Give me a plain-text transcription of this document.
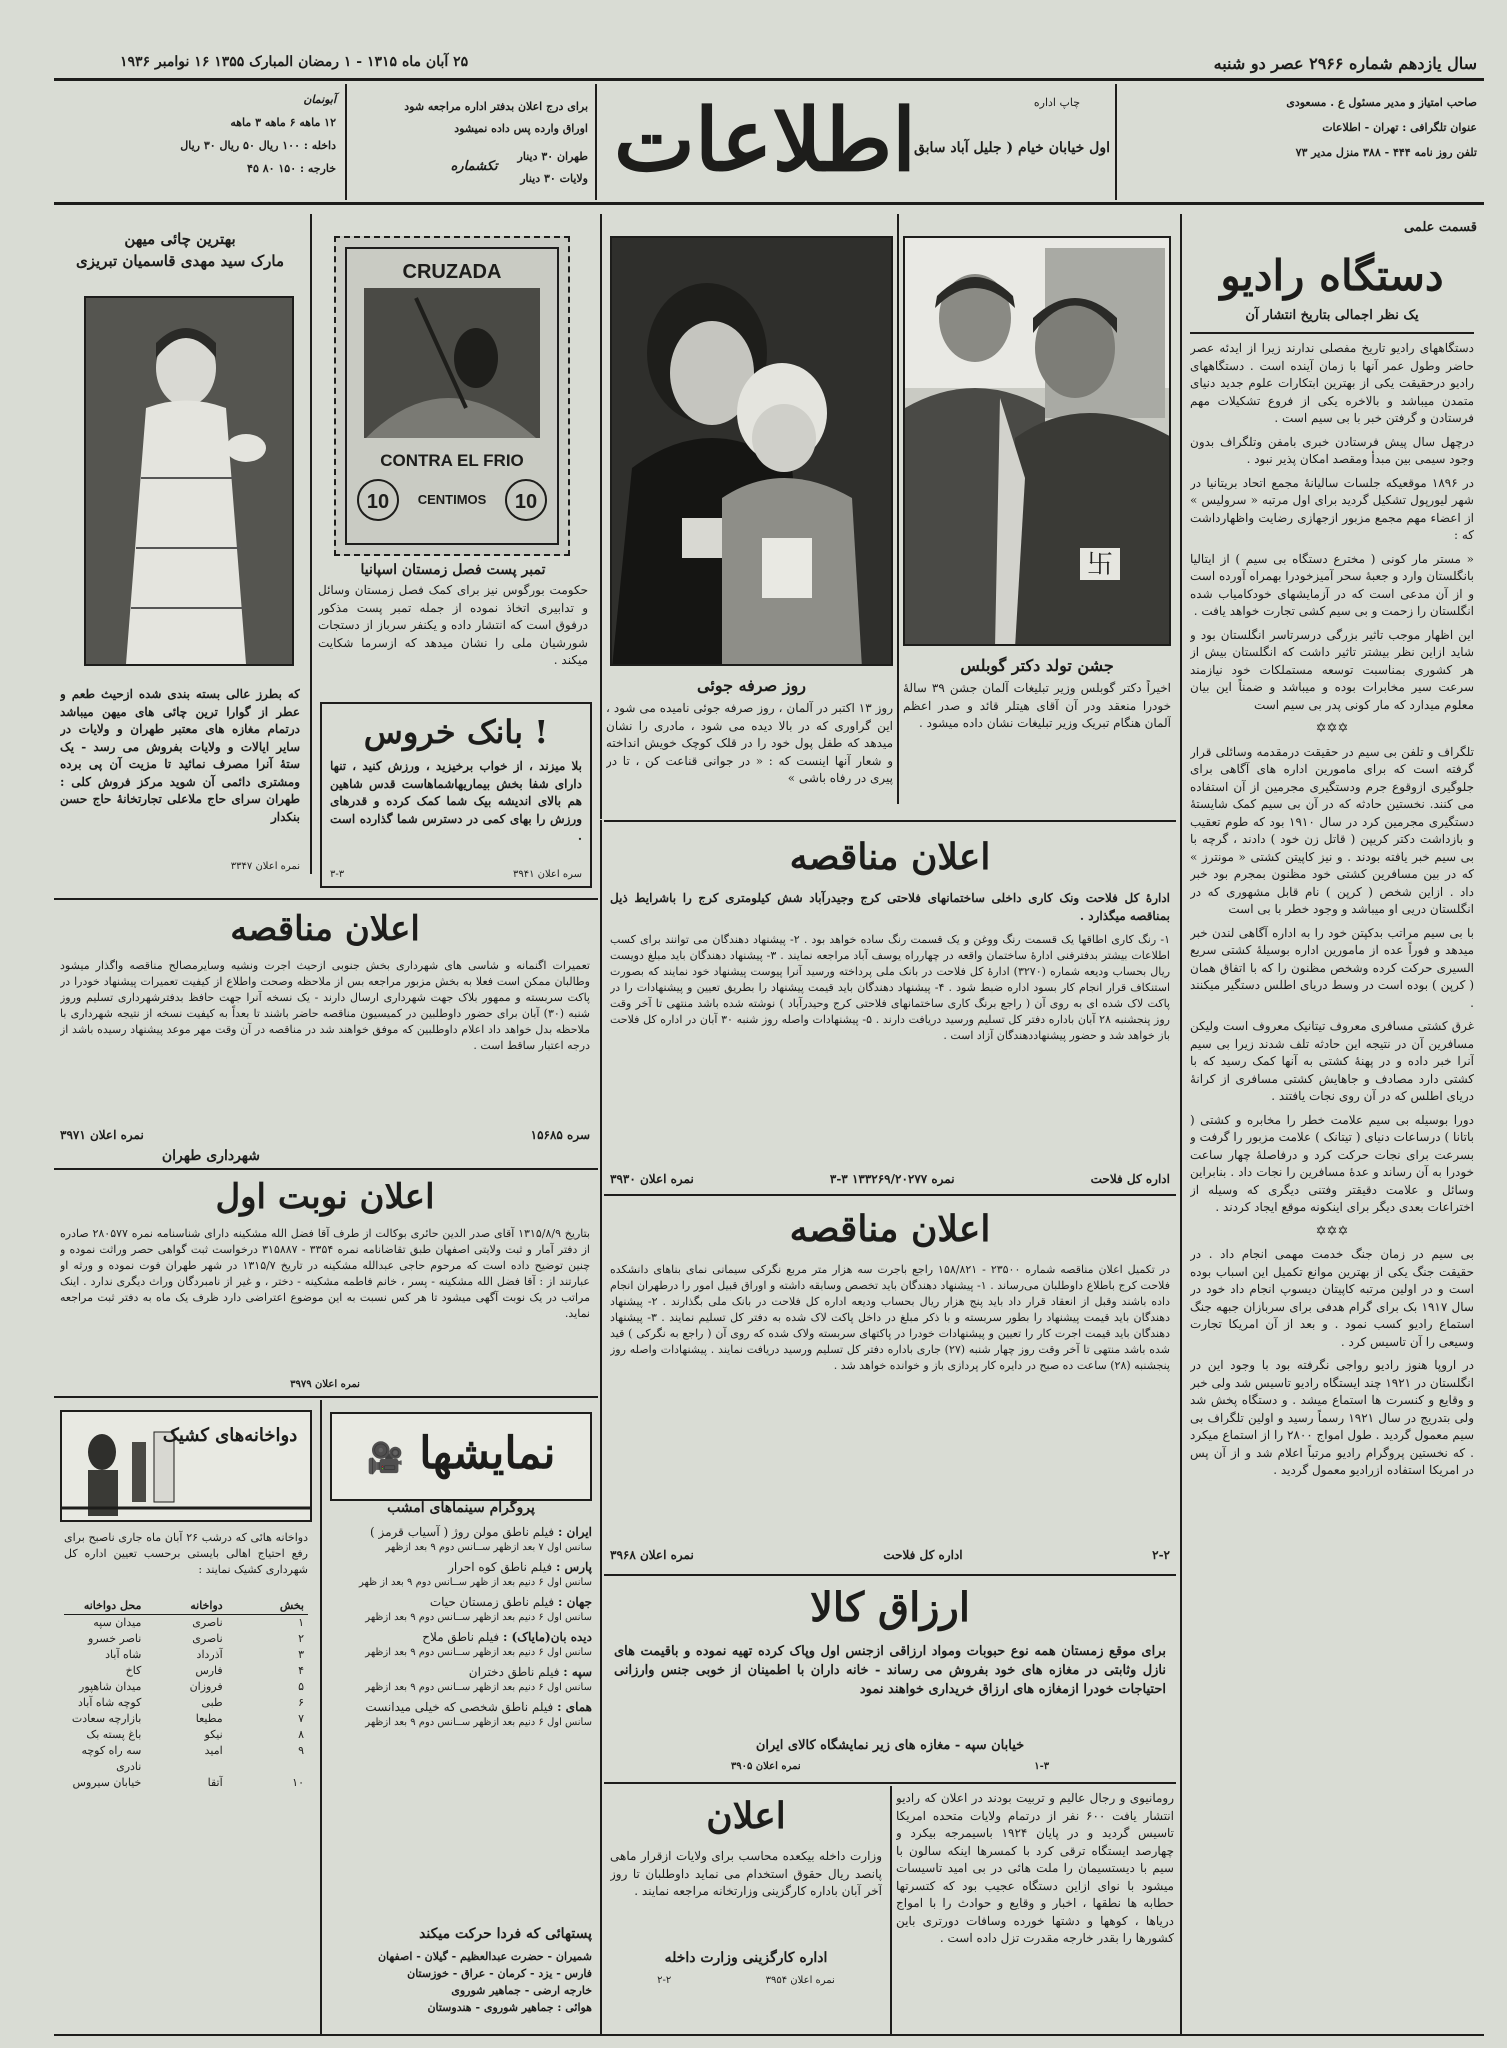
سال یازدهم شماره ۲۹۶۶ عصر دو شنبه
۲۵ آبان ماه ۱۳۱۵ - ۱ رمضان المبارک ۱۳۵۵ ۱۶ نوامبر ۱۹۳۶
صاحب امتیاز و مدیر مسئول ع . مسعودی
عنوان تلگرافی : تهران - اطلاعات
تلفن روز نامه ۴۴۴ - ۳۸۸ منزل مدیر ۷۳
چاپ اداره
اطلاعات
اول خیابان خیام ( جلیل آباد سابق
برای درج اعلان بدفتر اداره مراجعه شود
اوراق وارده پس داده نمیشود
طهران ۳۰ دینار
ولایات ۳۰ دینار
تکشماره
آبونمان
۱۲ ماهه ۶ ماهه ۳ ماهه
داخله : ۱۰۰ ریال ۵۰ ریال ۳۰ ریال
خارجه : ۱۵۰ ۸۰ ۴۵
قسمت علمی
دستگاه رادیو
یک نظر اجمالی بتاریخ انتشار آن

دستگاههای رادیو تاریخ مفصلی ندارند زیرا از ایدئه عصر حاضر وطول عمر آنها با زمان آینده است . دستگاههای رادیو درحقیقت یکی از بهترین ابتکارات علوم جدید دنیای متمدن میباشد و بالاخره یکی از فروع تشکیلات مهم فرستادن و گرفتن خبر با بی سیم است .

درچهل سال پیش فرستادن خبری بامفن وتلگراف بدون وجود سیمی بین مبدأ ومقصد امکان پذیر نبود .

در ۱۸۹۶ موقعیکه جلسات سالیانهٔ مجمع اتحاد بریتانیا در شهر لیورپول تشکیل گردید برای اول مرتبه « سرولیس » از اعضاء مهم مجمع مزبور ازجهازی رضایت واظهارداشت که :

« مستر مار کونی ( مخترع دستگاه بی سیم ) از ایتالیا بانگلستان وارد و جعبهٔ سحر آمیزخودرا بهمراه آورده است و از آن مدعی است که در آزمایشهای خودکامیاب شده انگلستان را زحمت و بی سیم کشی تجارت خواهد یافت .

این اظهار موجب تاثیر بزرگی درسرتاسر انگلستان بود و شاید ازاین نظر بیشتر تاثیر داشت که انگلستان بیش از هر کشوری بمناسبت توسعه مستملکات خود نیازمند سرعت سیر مخابرات بوده و میباشد و ضمناً این بیان معلوم میدارد که مار کونی پدر بی سیم است

✡✡✡

تلگراف و تلفن بی سیم در حقیقت درمقدمه وسائلی قرار گرفته است که برای مامورین اداره های آگاهی برای جلوگیری ازوقوع جرم ودستگیری مجرمین از آن استفاده می کنند. نخستین حادثه که در آن بی سیم کمک شایستهٔ دستگیری مجرمین کرد در سال ۱۹۱۰ بود که طوم تعقیب و بازداشت دکتر کریپن ( قاتل زن خود ) دادند ، گرچه با بی سیم خبر یافته بودند . و نیز کاپیتن کشتی « مونترز » که در بین مسافرین کشتی خود مظنون بمجرم بود خبر داد . ازاین شخص ( کرپن ) نام قابل مشهوری که در انگلستان دریی او میباشد و وجود خطر با بی است

با بی سیم مراتب بدکپتن خود را به اداره آگاهی لندن خبر میدهد و فوراً عده از مامورین اداره بوسیلهٔ کشتی سریع السیری حرکت کرده وشخص مظنون را که با اتفاق همان ( کرپن ) بوده است در وسط دریای اطلس دستگیر میکنند .

غرق کشتی مسافری معروف تیتانیک معروف است ولیکن مسافرین آن در نتیجه این حادثه تلف شدند زیرا بی سیم آنرا خبر داده و در پهنهٔ کشتی به آنها کمک رسید که با کشتی دارد مصادف و جاهایش کشتی مسافری از کرانهٔ دریای اطلس که در آن روی نجات یافتند .

دورا بوسیله بی سیم علامت خطر را مخابره و کشتی ( باتانا ) درساعات دنیای ( تیتانک ) علامت مزبور را گرفت و بسرعت برای نجات حرکت کرد و درفاصلهٔ چهار ساعت خودرا به آن رساند و عدهٔ مسافرین را نجات داد . بنابراین وسائل و علامت دقیقتر وفتنی دیگری که وسیله از اختراعات بعدی دیگر برای اینکونه موقع ایجاد کردند .

✡✡✡

بی سیم در زمان جنگ خدمت مهمی انجام داد . در حقیقت جنگ یکی از بهترین موانع تکمیل این اسباب بوده است و در اولین مرتبه کاپیتان دیسوپ انجام داد خود در سال ۱۹۱۷ بک برای گرام هدفی برای سربازان جبهه جنگ استماع رادیو کسب نمود . و بعد از آن امریکا تجارت وسیعی را آن تاسیس کرد .

در اروپا هنوز رادیو رواجی نگرفته بود با وجود این در انگلستان در ۱۹۲۱ چند ایستگاه رادیو تاسیس شد ولی خبر و وقایع و کنسرت ها استماع میشد . و دستگاه پخش شد ولی بتدریج در سال ۱۹۲۱ رسماً رسید و اولین تلگراف بی سیم معمول گردید . طول امواج ۲۸۰۰ را از استماع میکرد . که نخستین پروگرام رادیو مرتباً اعلام شد و از آن پس در امریکا استفاده ازرادیو معمول گردید .

卐
جشن تولد دکتر گوبلس
اخیراً دکتر گوبلس وزیر تبلیغات آلمان جشن ۳۹ سالهٔ خودرا منعقد ودر آن آقای هیتلر قائد و صدر اعظم آلمان هنگام تبریک وزیر تبلیغات نشان داده میشود .
روز صرفه جوئی
روز ۱۳ اکتبر در آلمان ، روز صرفه جوئی نامیده می شود ، این گراوری که در بالا دیده می شود ، مادری را نشان میدهد که طفل پول خود را در قلک کوچک خویش انداخته و شعار آنها اینست که : « در جوانی قناعت کن ، تا در پیری در رفاه باشی »
CRUZADA
CONTRA EL FRIO
10	10
CENTIMOS
تمبر پست فصل زمستان اسپانیا
حکومت بورگوس نیز برای کمک فصل زمستان وسائل و تدابیری اتخاذ نموده از جمله تمبر پست مذکور درفوق است که انتشار داده و یکنفر سرباز از دستجات شورشیان ملی را نشان میدهد که ازسرما شکایت میکند .
بهترین چائی میهن
مارک سید مهدی قاسمیان تبریزی
که بطرز عالی بسته بندی شده ازحیث طعم و عطر از گوارا ترین چائی های میهن میباشد درتمام مغازه های معتبر طهران و ولایات در سایر ایالات و ولایات بفروش می رسد - یک ستهٔ آنرا مصرف نمائید تا مزیت آن پی برده ومشتری دائمی آن شوید مرکز فروش کلی : طهران سرای حاج ملاعلی تجارتخانهٔ حاج حسن بنکدار
نمره اعلان ۳۳۴۷
بانک خروس !
بلا میزند ، از خواب برخیزید ، ورزش کنید ، تنها دارای شفا بخش بیماریهاشماهاست قدس شاهین هم بالای اندیشه بیک شما کمک کرده و قدرهای ورزش را بهای کمی در دسترس شما گذارده است .
سره اعلان ۳۹۴۱
۳-۳
اعلان مناقصه
تعمیرات اگنمانه و شاسی های شهرداری بخش جنوبی ازحیث اجرت ونشیه وسایرمصالح مناقصه واگذار میشود وطالبان ممکن است فعلا به بخش مزبور مراجعه بس از ملاحظه وصحت واطلاع از کیفیت تعمیرات پیشنهاد خودرا در پاکت سربسته و ممهور بلاک جهت شهرداری ارسال دارند - یک نسخه آنرا جهت حافظ بدفترشهرداری تسلیم وروز شنبه (۳۰) آبان برای حضور داوطلبین در کمیسیون مناقصه حاضر باشند تا بعداً به کیفیت نسخه از نتیجه شهرداری با ملاحظه بدل خواهد داد اعلام داوطلبین که موفق خواهند شد در مناقصه در آن وقت مهر موعد پیشنهاد رسیده باشد از درجه اعتبار ساقط است .
سره ۱۵۶۸۵
نمره اعلان ۳۹۷۱
شهرداری طهران
اعلان نوبت اول
بتاریخ ۱۳۱۵/۸/۹ آقای صدر الدین حائری بوکالت از طرف آقا فضل الله مشکینه دارای شناسنامه نمره ۲۸۰۵۷۷ صادره از دفتر آمار و ثبت ولایتی اصفهان طبق تقاضانامه نمره ۳۳۵۴ - ۳۱۵۸۸۷ درخواست ثبت گواهی حصر وراثت نموده و چنین توضیح داده است که مرحوم حاجی عبدالله مشکینه در تاریخ ۱۳۱۵/۷ در شهر طهران فوت نموده و ورثه او عبارتند از : آقا فضل الله مشکینه - پسر ، خانم فاطمه مشکینه - دختر ، و غیر از نامبردگان وراث دیگری ندارد . اینک مراتب در یک نوبت آگهی میشود تا هر کس نسبت به این موضوع اعتراضی دارد ظرف یک ماه به دفتر ثبت مراجعه نماید.
نمره اعلان ۳۹۷۹
اعلان مناقصه
ادارهٔ کل فلاحت ونک کاری داخلی ساختمانهای فلاحتی کرج وجیدرآباد شش کیلومتری کرج را باشرایط ذیل بمناقصه میگذارد .
۱- رنگ کاری اطاقها یک قسمت رنگ ووغن و یک قسمت رنگ ساده خواهد بود . ۲- پیشنهاد دهندگان می توانند برای کسب اطلاعات بیشتر بدفترفنی ادارهٔ ساختمان واقعه در چهارراه یوسف آباد مراجعه نمایند . ۳- پیشنهاد دهندگان باید مبلغ دویست ریال بحساب ودیعه شماره (۳۲۷۰) ادارهٔ کل فلاحت در بانک ملی پرداخته ورسید آنرا پیوست پیشنهاد خود نمایند که بصورت استنکاف قرار انجام کار بسود اداره ضبط شود . ۴- پیشنهاد دهندگان باید قیمت پیشنهاد را بطریق تعیین و پیشنهادات را در پاکت لاک شده ای به روی آن ( راجع برنگ کاری ساختمانهای فلاحتی کرج وحیدرآباد ) نوشته شده باشد منتهی تا آخر وقت روز پنجشنبه ۲۸ آبان باداره دفتر کل تسلیم ورسید دریافت دارند . ۵- پیشنهادات واصله روز شنبه ۳۰ آبان در اداره کل فلاحت باز خواهد شد و حضور پیشنهاددهندگان آزاد است .
اداره کل فلاحت
نمره ۱۳۳۲۶۹/۲۰۲۷۷ ۳-۳
نمره اعلان ۳۹۳۰
اعلان مناقصه
در تکمیل اعلان مناقصه شماره ۲۳۵۰۰ - ۱۵۸/۸۲۱ راجع باجرت سه هزار متر مربع نگرکی سیمانی نمای بناهای دانشکده فلاحت کرج باطلاع داوطلبان می‌رساند . ۱- پیشنهاد دهندگان باید تخصص وسابقه داشته و اوراق قبیل امور را درطهران انجام داده باشند وقبل از انعقاد قرار داد باید پنج هزار ریال بحساب ودیعه اداره کل فلاحت در بانک ملی بگذارند . ۲- پیشنهاد دهندگان باید قیمت پیشنهاد را بطور سربسته و با ذکر مبلغ در داخل پاکت لاک شده به دفتر کل تسلیم نمایند . ۳- پیشنهاد دهندگان باید قیمت اجرت کار را تعیین و پیشنهادات خودرا در پاکتهای سربسته ولاک شده که روی آن ( راجع به نگرکی ) قید شده باشد منتهی تا آخر وقت روز چهار شنبه (۲۷) جاری باداره دفتر کل تسلیم ورسید دریافت نمایند . پیشنهادات واصله روز پنجشنبه (۲۸) ساعت ده صبح در دایره کار پردازی باز و خوانده خواهد شد .
۲-۲
اداره کل فلاحت
نمره اعلان ۳۹۶۸
ارزاق کالا
برای موقع زمستان همه نوع حبوبات ومواد ارزاقی ازجنس اول وپاک کرده تهیه نموده و باقیمت های نازل وثابتی در مغازه های خود بفروش می رساند - خانه داران با اطمینان از خوبی جنس وارزانی احتیاجات خودرا ازمغازه های ارزاق خریداری خواهند نمود
خیابان سپه - مغازه های زیر نمایشگاه کالای ایران
۱-۳
نمره اعلان ۳۹۰۵
اعلان
وزارت داخله بیکعده محاسب برای ولایات ازقرار ماهی پانصد ریال حقوق استخدام می نماید داوطلبان تا روز آخر آبان باداره کارگزینی وزارتخانه مراجعه نمایند .
اداره کارگزینی وزارت داخله
نمره اعلان ۳۹۵۴
۲-۲
رومانیوی و رجال عالیم و تربیت بودند در اعلان که رادیو انتشار یافت ۶۰۰ نفر از درتمام ولایات متحده امریکا تاسیس گردید و در پایان ۱۹۲۴ باسیمرجه بیکرد و چهارصد ایستگاه ترقی کرد با کمسرها اینکه سالون با سیم با دیستسیمان را ملت هائی در بی امید تاسیسات میشود با نوای ازاین دستگاه عجیب بود که کتسرتها حطابه ها نطقها ، اخبار و وقایع و حوادث را با امواج دریاها ، کوهها و دشتها خورده وسافات دورتری باین کشورها را بقدر خارجه مقدرت تزل داده است .
🎥 نمایشها
پروگرام سینماهای امشب
ایران : فیلم ناطق مولن روژ ( آسیاب قرمز )
سانس اول ۷ بعد ازظهر ســانس دوم ۹ بعد ازظهر
پارس : فیلم ناطق کوه احرار
سانس اول ۶ دنیم بعد از ظهر ســانس دوم ۹ بعد از ظهر
جهان : فیلم ناطق زمستان حیات
سانس اول ۶ دنیم بعد ازظهر ســانس دوم ۹ بعد ازظهر
دیده بان(مایاک) : فیلم ناطق ملاح
سانس اول ۶ دنیم بعد ازظهر ســانس دوم ۹ بعد ازظهر
سپه : فیلم ناطق دختران
سانس اول ۶ دنیم بعد ازظهر ســانس دوم ۹ بعد ازظهر
همای : فیلم ناطق شخصی که خیلی میدانست
سانس اول ۶ دنیم بعد ازظهر ســانس دوم ۹ بعد ازظهر
پستهائی که فردا حرکت میکند
شمیران - حضرت عبدالعظیم - گیلان - اصفهان
فارس - یزد - کرمان - عراق - خوزستان
خارجه ارضی - جماهیر شوروی
هوائی : جماهیر شوروی - هندوستان
دواخانه‌های کشیک
دواخانه هائی که درشب ۲۶ آبان ماه جاری ناصبح برای رفع احتیاج اهالی بایستی برحسب تعیین اداره کل شهرداری کشیک نمایند :
بخش
دواخانه
محل دواخانه
۱
ناصری
میدان سپه
۲
ناصری
ناصر خسرو
۳
آذرداد
شاه آباد
۴
فارس
کاخ
۵
فروزان
میدان شاهپور
۶
طبی
کوچه شاه آباد
۷
مطیعا
بازارچه سعادت
۸
نیکو
باغ پسته بک
۹
امید
سه راه کوچه نادری
۱۰
آتقا
خیابان سیروس
